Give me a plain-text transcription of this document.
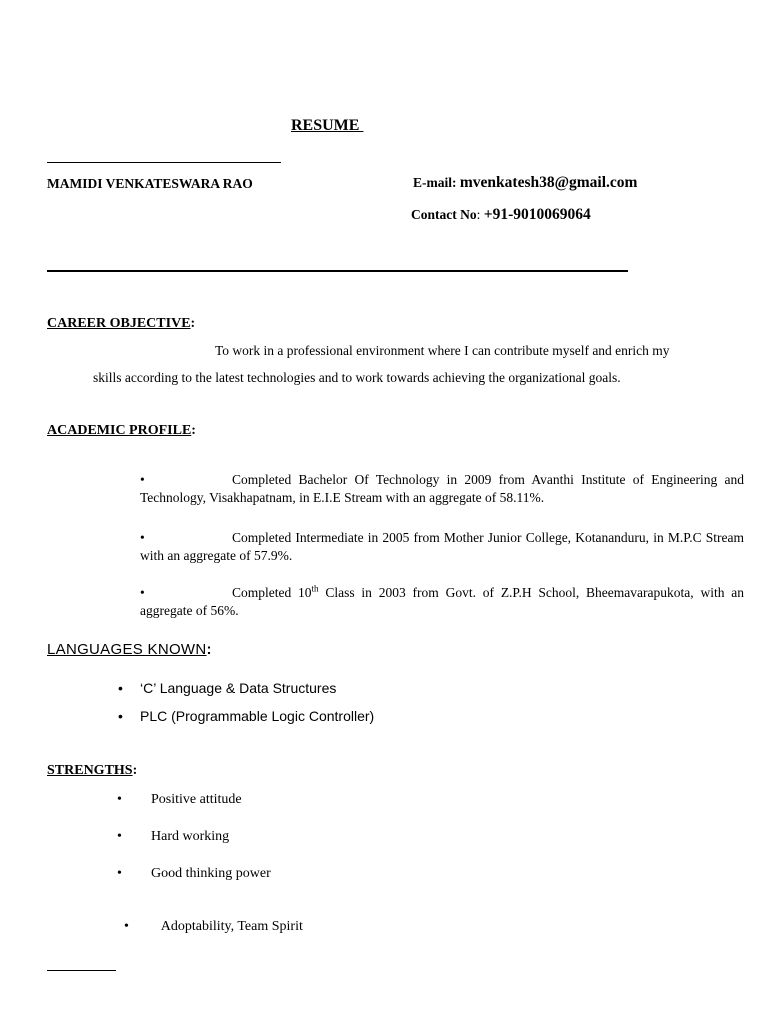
RESUME
MAMIDI VENKATESWARA RAO	E-mail: mvenkatesh38@gmail.com
Contact No: +91-9010069064
CAREER OBJECTIVE:
To work in a professional environment where I can contribute myself and enrich my
skills according to the latest technologies and to work towards achieving the organizational goals.
ACADEMIC PROFILE:
•	Completed Bachelor Of Technology in 2009 from Avanthi Institute of Engineering and Technology, Visakhapatnam, in E.I.E Stream with an aggregate of 58.11%.
•	Completed Intermediate in 2005 from Mother Junior College, Kotananduru, in M.P.C Stream with an aggregate of 57.9%.
•	Completed 10th Class in 2003 from Govt. of Z.P.H School, Bheemavarapukota, with an aggregate of 56%.
LANGUAGES KNOWN:
• ‘C’ Language & Data Structures
• PLC (Programmable Logic Controller)
STRENGTHS:
• Positive attitude
• Hard working
• Good thinking power

• Adoptability, Team Spirit
